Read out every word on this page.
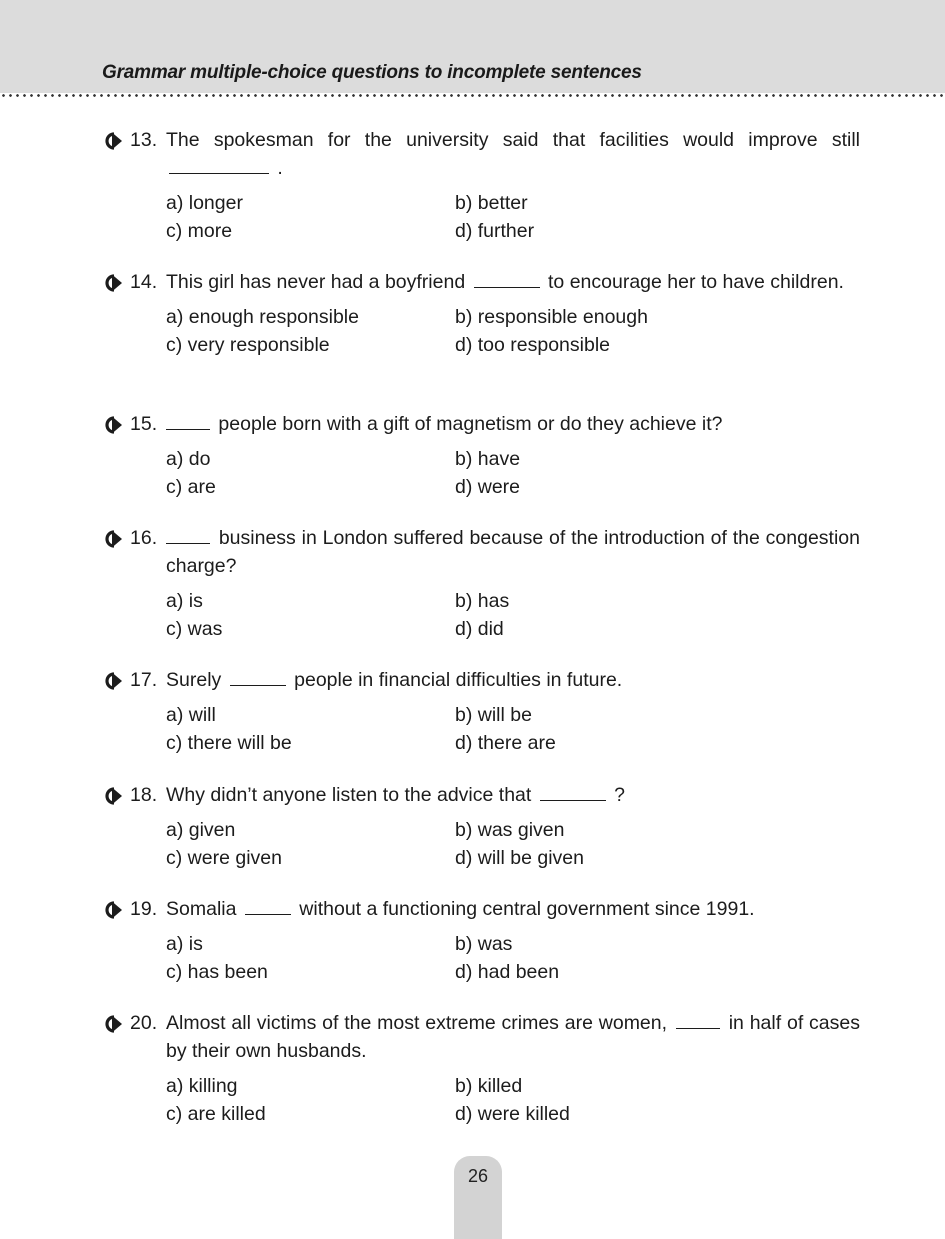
Grammar multiple-choice questions to incomplete sentences
13. The spokesman for the university said that facilities would improve still  .
a) longer	b) better
c) more	d) further
14. This girl has never had a boyfriend	to encourage her to have children.
a) enough responsible	b) responsible enough
c) very responsible	d) too responsible
15.	people born with a gift of magnetism or do they achieve it?
a) do	b) have
c) are	d) were
16.	business in London suffered because of the introduction of the congestion charge?
a) is	b) has
c) was	d) did
17. Surely	people in financial difficulties in future.
a) will	b) will be
c) there will be	d) there are
18. Why didn’t anyone listen to the advice that	?
a) given	b) was given
c) were given	d) will be given
19. Somalia	without a functioning central government since 1991.
a) is	b) was
c) has been	d) had been
20. Almost all victims of the most extreme crimes are women,	in half of cases by their own husbands.
a) killing	b) killed
c) are killed	d) were killed
26
